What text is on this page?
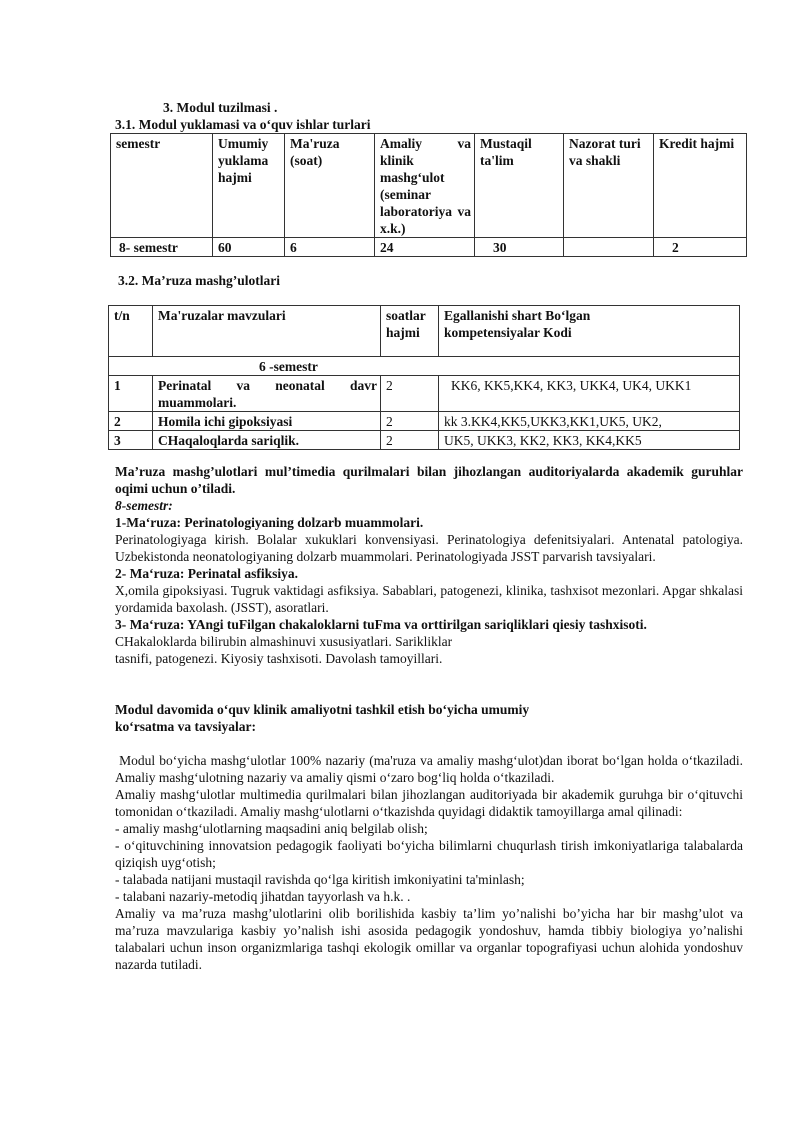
3. Modul tuzilmasi .
3.1. Modul yuklamasi va o‘quv ishlar turlari
semestr	Umumiy yuklama hajmi	Ma'ruza (soat)	Amaliy va klinik mashg‘ulot (seminar laboratoriya va x.k.)	Mustaqil ta'lim	Nazorat turi va shakli	Kredit hajmi
8- semestr	60	6	24	30		2
3.2. Ma’ruza mashg’ulotlari
t/n	Ma'ruzalar mavzulari	soatlar hajmi	Egallanishi shart Bo‘lgan kompetensiyalar Kodi
6 -semestr			
1	Perinatal va neonatal davr muammolari.	2	KK6, KK5,KK4, KK3, UKK4, UK4, UKK1
2	Homila ichi gipoksiyasi	2	kk 3.KK4,KK5,UKK3,KK1,UK5, UK2,
3	CHaqaloqlarda sariqlik.	2	UK5, UKK3, KK2, KK3, KK4,KK5

Ma’ruza mashg’ulotlari mul’timedia qurilmalari bilan jihozlangan auditoriyalarda akademik guruhlar oqimi uchun o’tiladi.

8-semestr:

1-Ma‘ruza: Perinatologiyaning dolzarb muammolari.

Perinatologiyaga kirish. Bolalar xukuklari konvensiyasi. Perinatologiya defenitsiyalari. Antenatal patologiya. Uzbekistonda neonatologiyaning dolzarb muammolari. Perinatologiyada JSST parvarish tavsiyalari.

2- Ma‘ruza: Perinatal asfiksiya.

X,omila gipoksiyasi. Tugruk vaktidagi asfiksiya. Sabablari, patogenezi, klinika, tashxisot mezonlari. Apgar shkalasi yordamida baxolash. (JSST), asoratlari.

3- Ma‘ruza: YAngi tuFilgan chakaloklarni tuFma va orttirilgan sariqliklari qiesiy tashxisoti.

CHakaloklarda bilirubin almashinuvi xususiyatlari. Sarikliklar

tasnifi, patogenezi. Kiyosiy tashxisoti. Davolash tamoyillari.

Modul davomida o‘quv klinik amaliyotni tashkil etish bo‘yicha umumiy
ko‘rsatma va tavsiyalar:

Modul bo‘yicha mashg‘ulotlar 100% nazariy (ma'ruza va amaliy mashg‘ulot)dan iborat bo‘lgan holda o‘tkaziladi. Amaliy mashg‘ulotning nazariy va amaliy qismi o‘zaro bog‘liq holda o‘tkaziladi.

Amaliy mashg‘ulotlar multimedia qurilmalari bilan jihozlangan auditoriyada bir akademik guruhga bir o‘qituvchi tomonidan o‘tkaziladi. Amaliy mashg‘ulotlarni o‘tkazishda quyidagi didaktik tamoyillarga amal qilinadi:

- amaliy mashg‘ulotlarning maqsadini aniq belgilab olish;

- o‘qituvchining innovatsion pedagogik faoliyati bo‘yicha bilimlarni chuqurlash tirish imkoniyatlariga talabalarda qiziqish uyg‘otish;

- talabada natijani mustaqil ravishda qo‘lga kiritish imkoniyatini ta'minlash;

- talabani nazariy-metodiq jihatdan tayyorlash va h.k. .

Amaliy va ma’ruza mashg’ulotlarini olib borilishida kasbiy ta’lim yo’nalishi bo’yicha har bir mashg’ulot va ma’ruza mavzulariga kasbiy yo’nalish ishi asosida pedagogik yondoshuv, hamda tibbiy biologiya yo’nalishi talabalari uchun inson organizmlariga tashqi ekologik omillar va organlar topografiyasi uchun alohida yondoshuv nazarda tutiladi.
